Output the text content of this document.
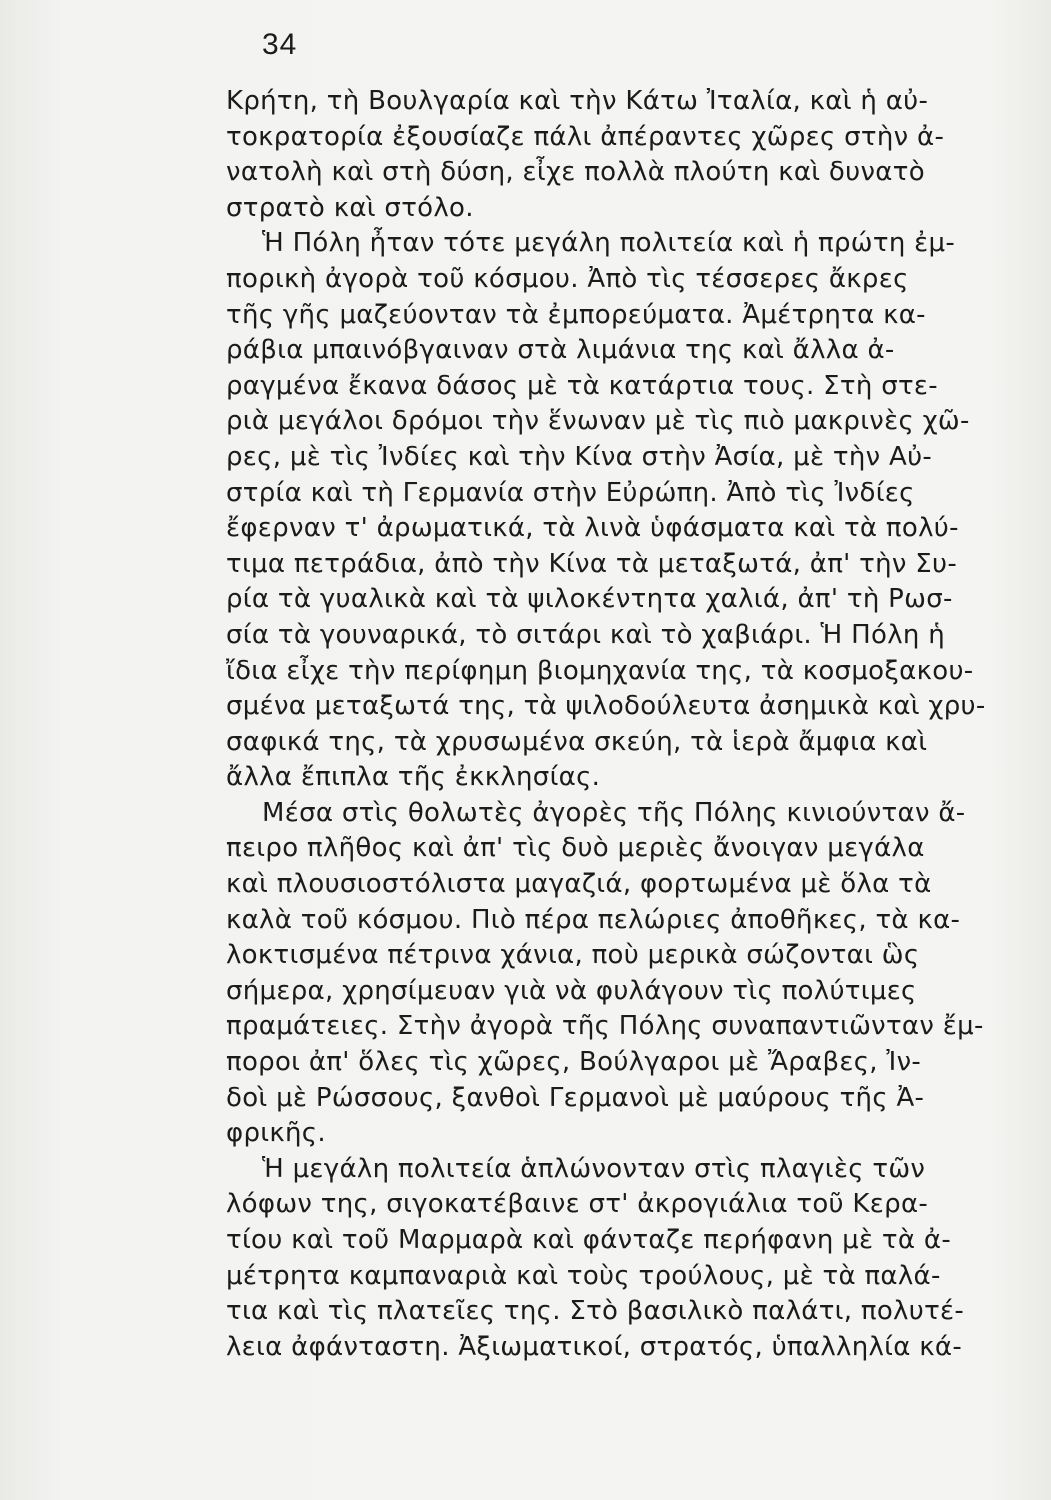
34
Κρήτη, τὴ Βουλγαρία καὶ τὴν Κάτω Ἰταλία, καὶ ἡ αὐ-
τοκρατορία ἐξουσίαζε πάλι ἀπέραντες χῶρες στὴν ἀ-
νατολὴ καὶ στὴ δύση, εἶχε πολλὰ πλούτη καὶ δυνατὸ
στρατὸ καὶ στόλο.
Ἡ Πόλη ἦταν τότε μεγάλη πολιτεία καὶ ἡ πρώτη ἐμ-
πορικὴ ἀγορὰ τοῦ κόσμου. Ἀπὸ τὶς τέσσερες ἄκρες
τῆς γῆς μαζεύονταν τὰ ἐμπορεύματα. Ἀμέτρητα κα-
ράβια μπαινόβγαιναν στὰ λιμάνια της καὶ ἄλλα ἀ-
ραγμένα ἔκανα δάσος μὲ τὰ κατάρτια τους. Στὴ στε-
ριὰ μεγάλοι δρόμοι τὴν ἕνωναν μὲ τὶς πιὸ μακρινὲς χῶ-
ρες, μὲ τὶς Ἰνδίες καὶ τὴν Κίνα στὴν Ἀσία, μὲ τὴν Αὐ-
στρία καὶ τὴ Γερμανία στὴν Εὐρώπη. Ἀπὸ τὶς Ἰνδίες
ἔφερναν τ' ἀρωματικά, τὰ λινὰ ὑφάσματα καὶ τὰ πολύ-
τιμα πετράδια, ἀπὸ τὴν Κίνα τὰ μεταξωτά, ἀπ' τὴν Συ-
ρία τὰ γυαλικὰ καὶ τὰ ψιλοκέντητα χαλιά, ἀπ' τὴ Ρωσ-
σία τὰ γουναρικά, τὸ σιτάρι καὶ τὸ χαβιάρι. Ἡ Πόλη ἡ
ἴδια εἶχε τὴν περίφημη βιομηχανία της, τὰ κοσμοξακου-
σμένα μεταξωτά της, τὰ ψιλοδούλευτα ἀσημικὰ καὶ χρυ-
σαφικά της, τὰ χρυσωμένα σκεύη, τὰ ἱερὰ ἄμφια καὶ
ἄλλα ἔπιπλα τῆς ἐκκλησίας.
Μέσα στὶς θολωτὲς ἀγορὲς τῆς Πόλης κινιούνταν ἄ-
πειρο πλῆθος καὶ ἀπ' τὶς δυὸ μεριὲς ἄνοιγαν μεγάλα
καὶ πλουσιοστόλιστα μαγαζιά, φορτωμένα μὲ ὅλα τὰ
καλὰ τοῦ κόσμου. Πιὸ πέρα πελώριες ἀποθῆκες, τὰ κα-
λοκτισμένα πέτρινα χάνια, ποὺ μερικὰ σώζονται ὣς
σήμερα, χρησίμευαν γιὰ νὰ φυλάγουν τὶς πολύτιμες
πραμάτειες. Στὴν ἀγορὰ τῆς Πόλης συναπαντιῶνταν ἔμ-
ποροι ἀπ' ὅλες τὶς χῶρες, Βούλγαροι μὲ Ἄραβες, Ἰν-
δοὶ μὲ Ρώσσους, ξανθοὶ Γερμανοὶ μὲ μαύρους τῆς Ἀ-
φρικῆς.
Ἡ μεγάλη πολιτεία ἁπλώνονταν στὶς πλαγιὲς τῶν
λόφων της, σιγοκατέβαινε στ' ἀκρογιάλια τοῦ Κερα-
τίου καὶ τοῦ Μαρμαρὰ καὶ φάνταζε περήφανη μὲ τὰ ἀ-
μέτρητα καμπαναριὰ καὶ τοὺς τρούλους, μὲ τὰ παλά-
τια καὶ τὶς πλατεῖες της. Στὸ βασιλικὸ παλάτι, πολυτέ-
λεια ἀφάνταστη. Ἀξιωματικοί, στρατός, ὑπαλληλία κά-
